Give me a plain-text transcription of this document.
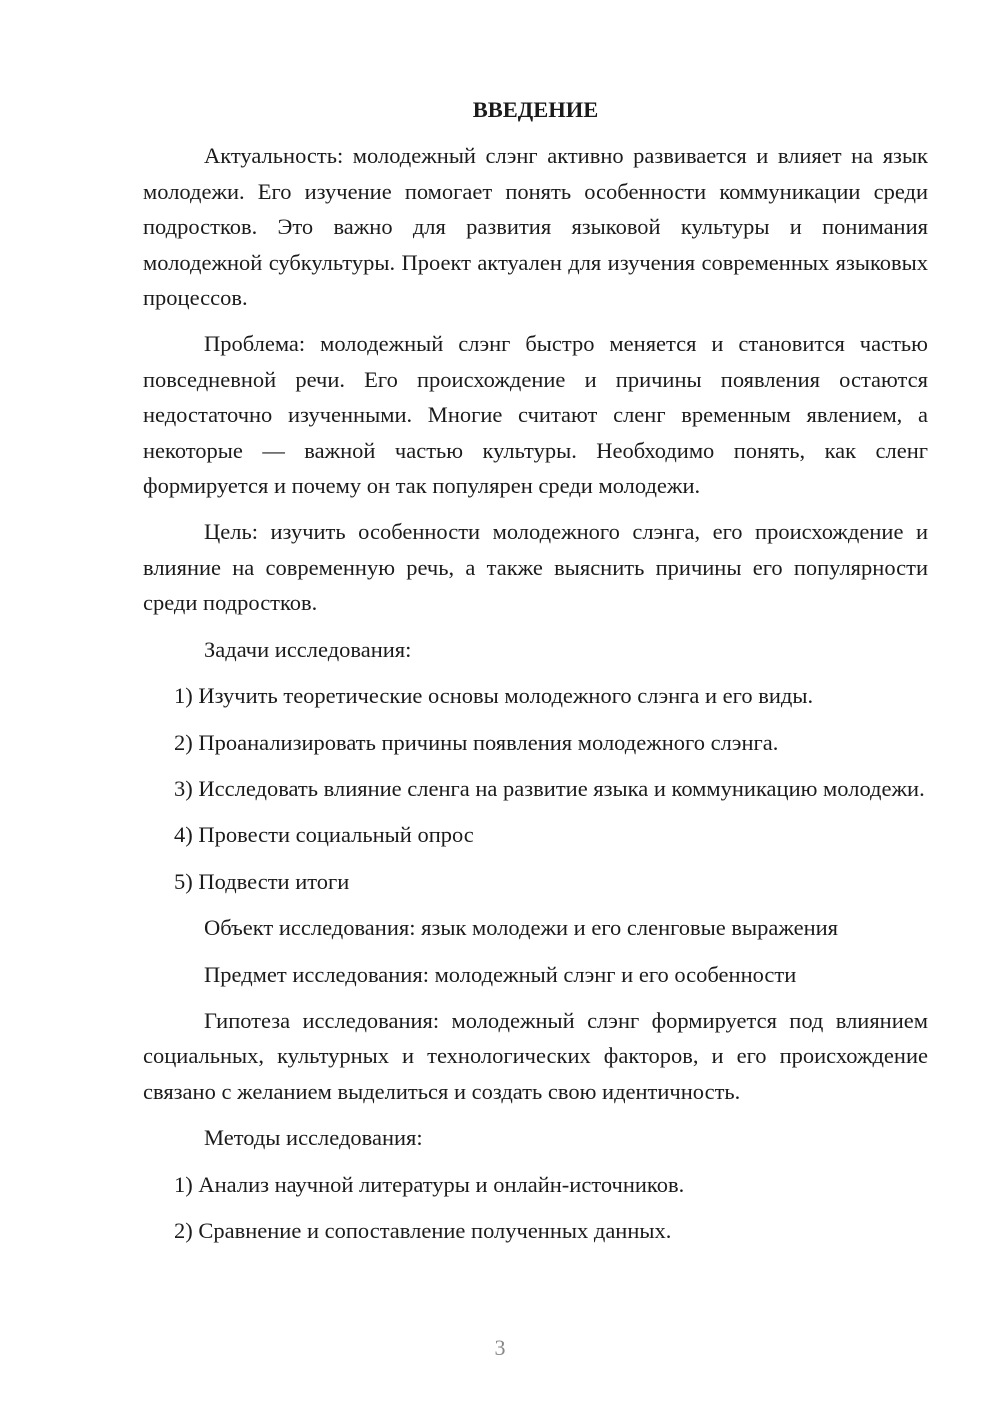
ВВЕДЕНИЕ

Актуальность: молодежный слэнг активно развивается и влияет на язык молодежи. Его изучение помогает понять особенности коммуникации среди подростков. Это важно для развития языковой культуры и понимания молодежной субкультуры. Проект актуален для изучения современных языковых процессов.

Проблема: молодежный слэнг быстро меняется и становится частью повседневной речи. Его происхождение и причины появления остаются недостаточно изученными. Многие считают сленг временным явлением, а некоторые — важной частью культуры. Необходимо понять, как сленг формируется и почему он так популярен среди молодежи.

Цель: изучить особенности молодежного слэнга, его происхождение и влияние на современную речь, а также выяснить причины его популярности среди подростков.

Задачи исследования:

1) Изучить теоретические основы молодежного слэнга и его виды.

2) Проанализировать причины появления молодежного слэнга.

3) Исследовать влияние сленга на развитие языка и коммуникацию молодежи.

4) Провести социальный опрос

5) Подвести итоги

Объект исследования: язык молодежи и его сленговые выражения

Предмет исследования: молодежный слэнг и его особенности

Гипотеза исследования: молодежный слэнг формируется под влиянием социальных, культурных и технологических факторов, и его происхождение связано с желанием выделиться и создать свою идентичность.

Методы исследования:

1) Анализ научной литературы и онлайн-источников.

2) Сравнение и сопоставление полученных данных.

3
